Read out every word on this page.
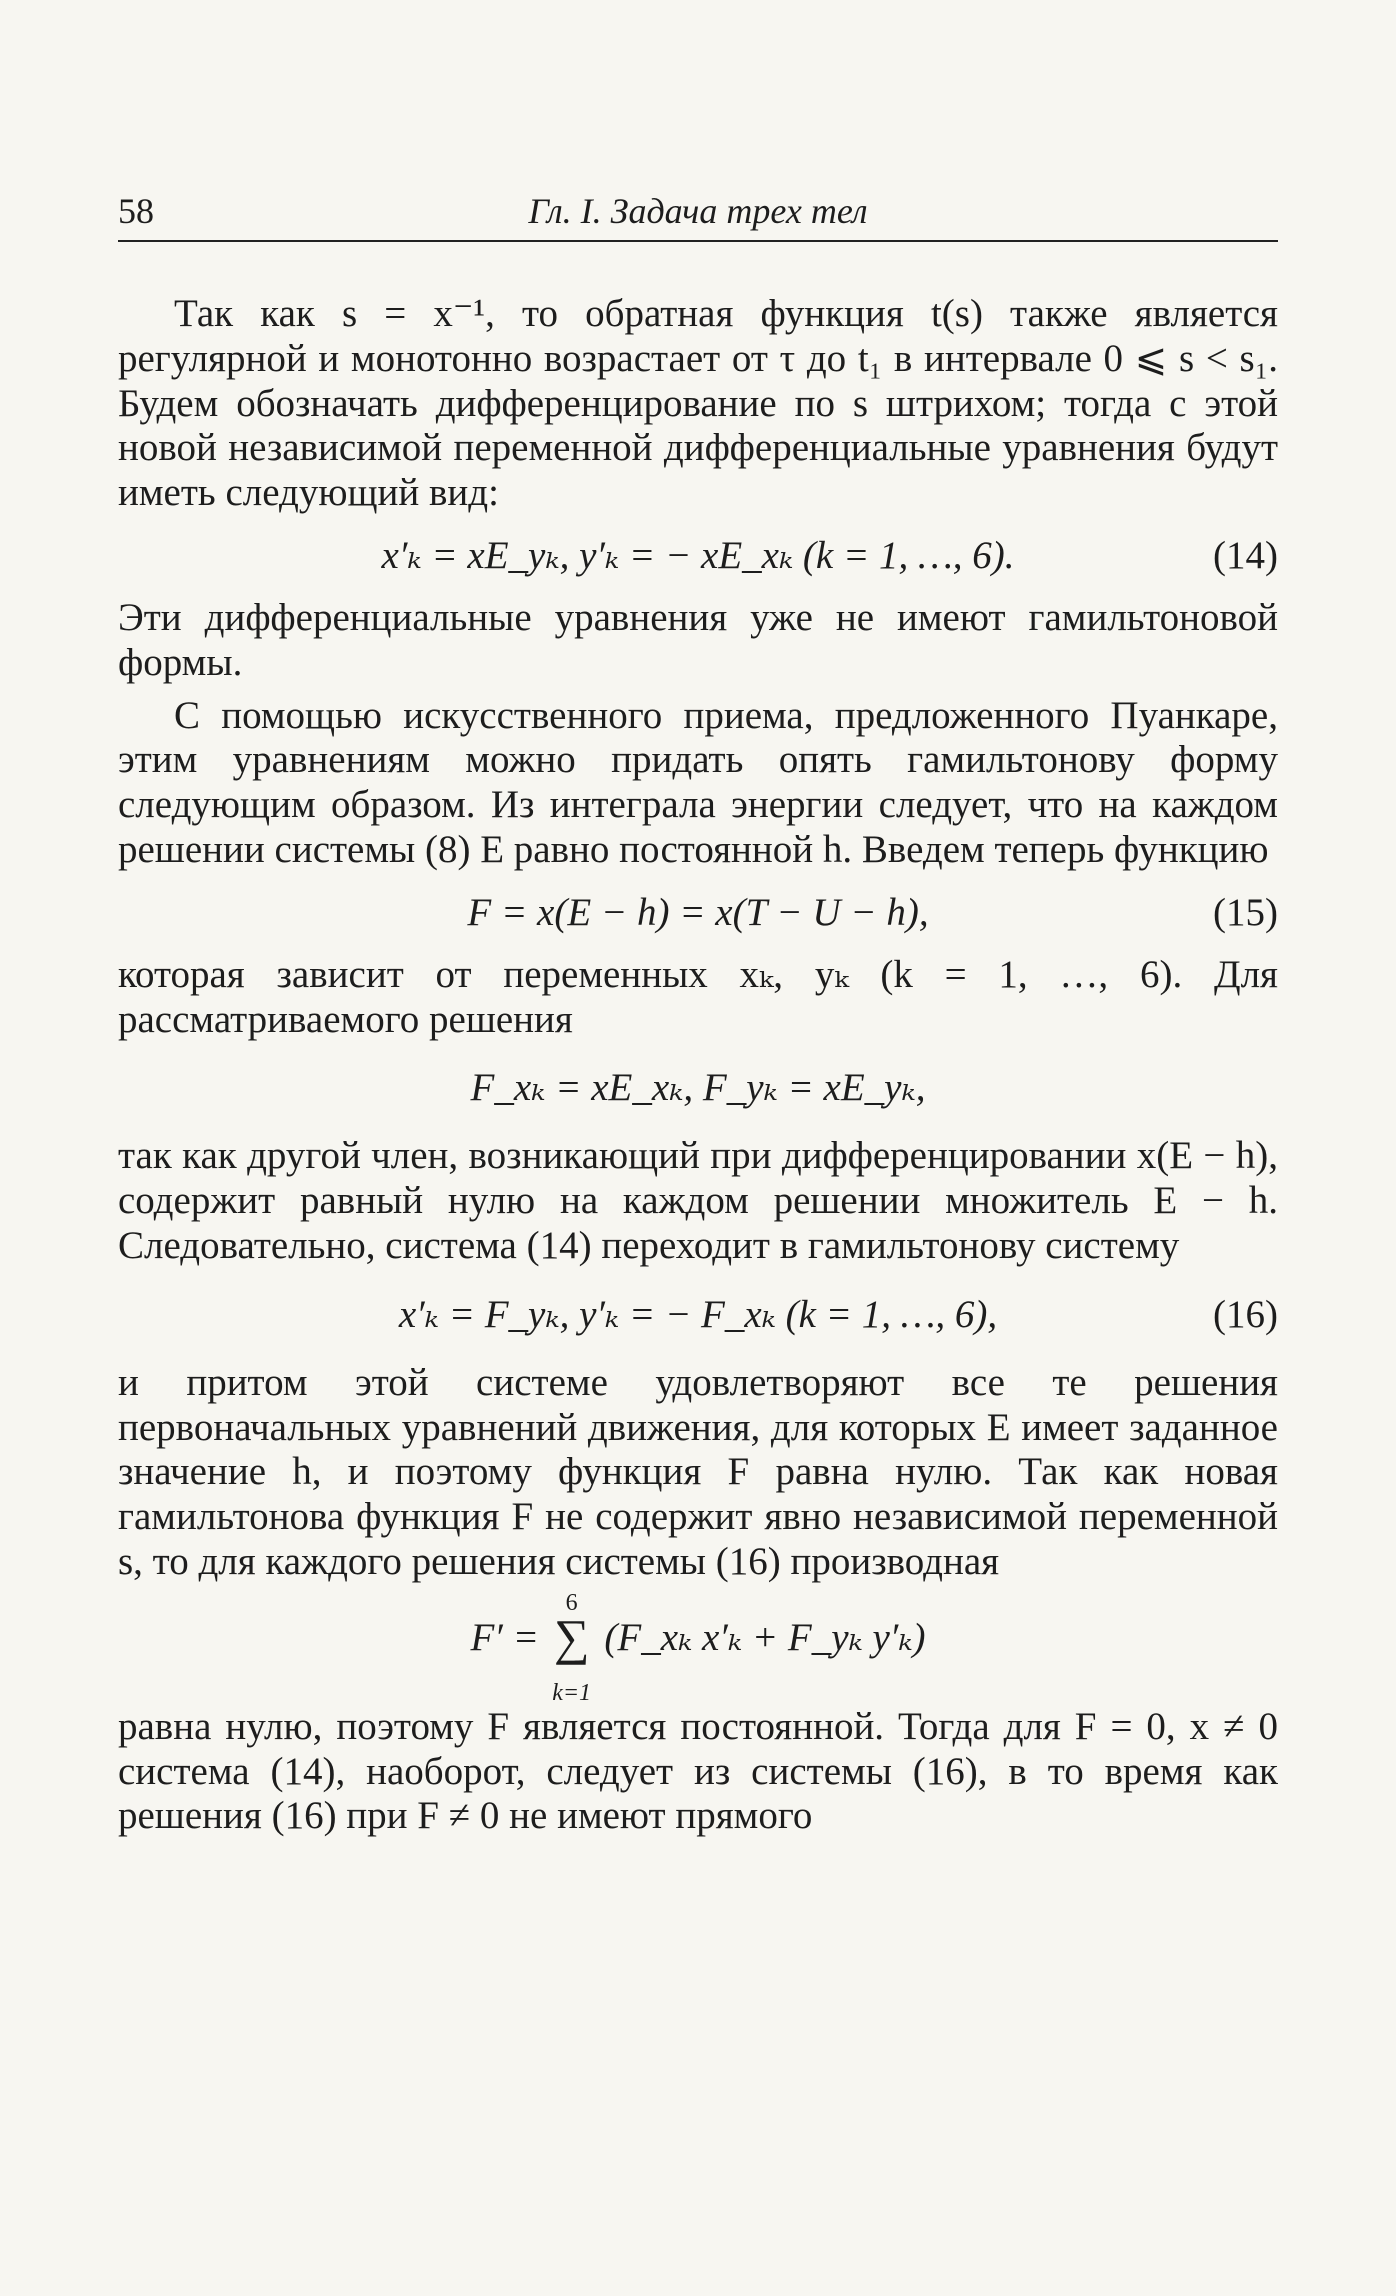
58	Гл. I. Задача трех тел

Так как s = x⁻¹, то обратная функция t(s) также является регулярной и монотонно возрастает от τ до t₁ в интервале 0 ⩽ s < s₁. Будем обозначать дифференцирование по s штрихом; тогда с этой новой независимой переменной дифференциальные уравнения будут иметь следующий вид:

x′ₖ = xE_yₖ, y′ₖ = − xE_xₖ (k = 1, …, 6).	(14)

Эти дифференциальные уравнения уже не имеют гамильтоновой формы.

С помощью искусственного приема, предложенного Пуанкаре, этим уравнениям можно придать опять гамильтонову форму следующим образом. Из интеграла энергии следует, что на каждом решении системы (8) E равно постоянной h. Введем теперь функцию

F = x(E − h) = x(T − U − h),	(15)

которая зависит от переменных xₖ, yₖ (k = 1, …, 6). Для рассматриваемого решения

F_xₖ = xE_xₖ, F_yₖ = xE_yₖ,

так как другой член, возникающий при дифференцировании x(E − h), содержит равный нулю на каждом решении множитель E − h. Следовательно, система (14) переходит в гамильтонову систему

x′ₖ = F_yₖ, y′ₖ = − F_xₖ (k = 1, …, 6),	(16)

и притом этой системе удовлетворяют все те решения первоначальных уравнений движения, для которых E имеет заданное значение h, и поэтому функция F равна нулю. Так как новая гамильтонова функция F не содержит явно независимой переменной s, то для каждого решения системы (16) производная

F′ = ∑
6
k=1
(F_xₖ x′ₖ + F_yₖ y′ₖ)

равна нулю, поэтому F является постоянной. Тогда для F = 0, x ≠ 0 система (14), наоборот, следует из системы (16), в то время как решения (16) при F ≠ 0 не имеют прямого
